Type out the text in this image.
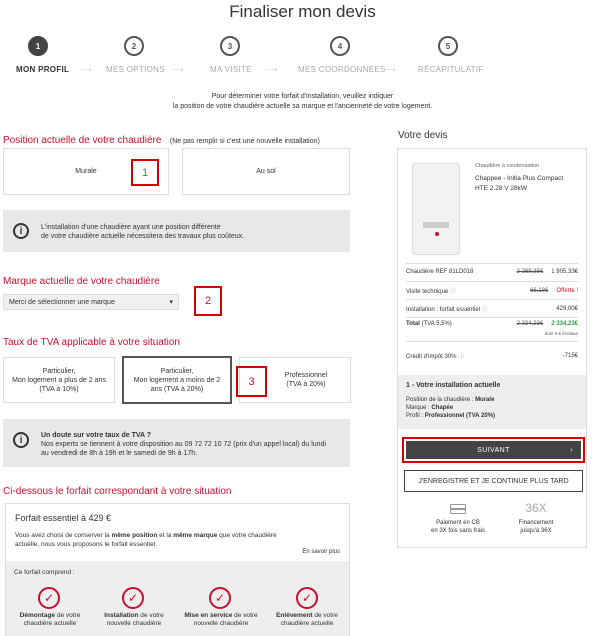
Finaliser mon devis
1
MON PROFIL ⟶
2
MES OPTIONS ⟶
3
MA VISITE ⟶
4
MES COORDONNÉES
⟶
5
RÉCAPITULATIF
Pour déterminer votre forfait d'installation, veuillez indiquer
la position de votre chaudière actuelle sa marque et l'ancienneté de votre logement.
Position actuelle de votre chaudière (Ne pas remplir si c'est une nouvelle installation)
Murale	Au sol
1
i	L'installation d'une chaudière ayant une position différente
de votre chaudière actuelle nécessitera des travaux plus coûteux.
Marque actuelle de votre chaudière
Merci de sélectionner une marque	▾	2
Taux de TVA applicable à votre situation
Particulier,
Mon logement a plus de 2 ans
(TVA à 10%)
Particulier,
Mon logement a moins de 2
ans (TVA à 20%)
Professionnel
(TVA à 20%)
3
i	Un doute sur votre taux de TVA ?
Nos experts se tiennent à votre disposition au 09 72 72 10 72 (prix d'un appel local) du lundi
au vendredi de 8h à 19h et le samedi de 9h à 17h.
Ci-dessous le forfait correspondant à votre situation
Forfait essentiel à 429 €
Vous avez choisi de conserver la même position et la même marque que votre chaudière
actuelle, nous vous proposons le forfait essentiel.
En savoir plus
Ce forfait comprend :
✓
Démontage de votre
chaudière actuelle
✓
Installation de votre
nouvelle chaudière
✓
Mise en service de votre
nouvelle chaudière
✓
Enlèvement de votre
chaudière actuelle
Votre devis
Chaudière à condensation
Chappee - Initia Plus Compact
HTE 2.28 V 28kW
Chaudière REF 81LD018	2 268,35€ 1 905,33€
Visite technique ⓘ	66,18€ Offerte !
Installation : forfait essentiel ⓘ	429,00€
Total (TVA 5,5%)	2 334,23€ 2 334,23€
dont 5 € écotaxe
Crédit d'impôt 30% ⓘ	-715€
1 - Votre installation actuelle
Position de la chaudière : Murale
Marque : Chapée
Profil : Professionnel (TVA 20%)
SUIVANT	›
J'ENREGISTRE ET JE CONTINUE PLUS TARD
Paiement en CB
en 3X fois sans frais
36X
Financement
jusqu'à 36X
